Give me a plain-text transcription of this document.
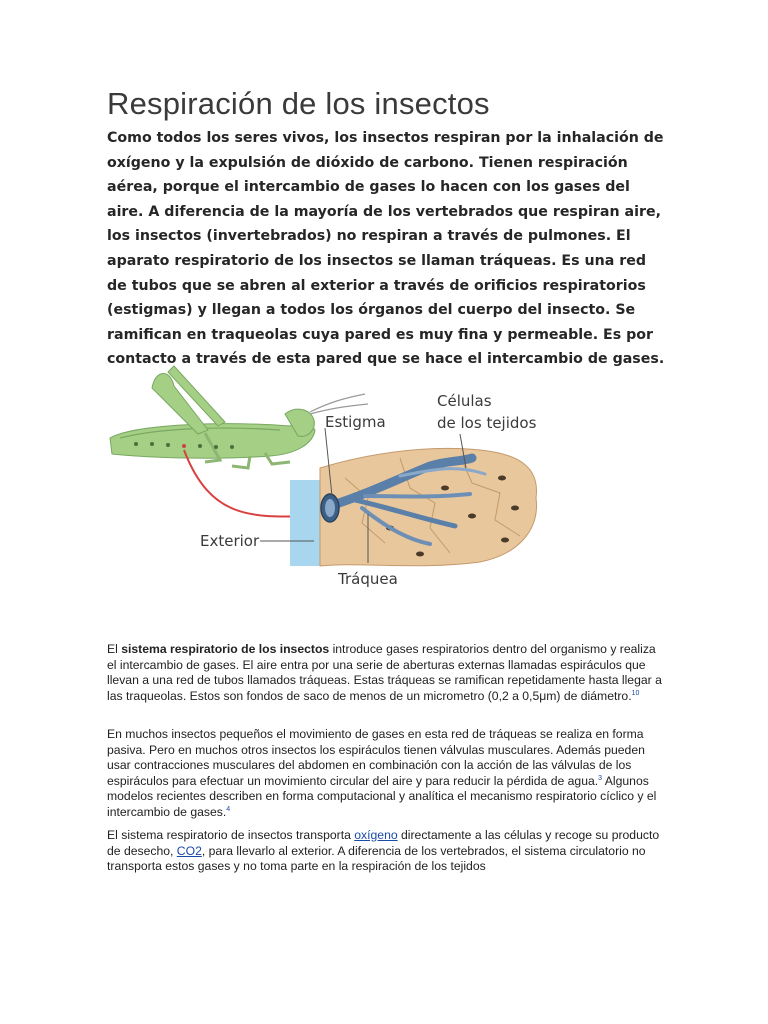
Respiración de los insectos

Como todos los seres vivos, los insectos respiran por la inhalación de oxígeno y la expulsión de dióxido de carbono. Tienen respiración aérea, porque el intercambio de gases lo hacen con los gases del aire. A diferencia de la mayoría de los vertebrados que respiran aire, los insectos (invertebrados) no respiran a través de pulmones. El aparato respiratorio de los insectos se llaman tráqueas. Es una red de tubos que se abren al exterior a través de orificios respiratorios (estigmas) y llegan a todos los órganos del cuerpo del insecto. Se ramifican en traqueolas cuya pared es muy fina y permeable. Es por contacto a través de esta pared que se hace el intercambio de gases.

Estigma
Células
de los tejidos
Exterior
Tráquea

El sistema respiratorio de los insectos introduce gases respiratorios dentro del organismo y realiza el intercambio de gases. El aire entra por una serie de aberturas externas llamadas espiráculos que llevan a una red de tubos llamados tráqueas. Estas tráqueas se ramifican repetidamente hasta llegar a las traqueolas. Estos son fondos de saco de menos de un micrometro (0,2 a 0,5μm) de diámetro.$^{10}$

En muchos insectos pequeños el movimiento de gases en esta red de tráqueas se realiza en forma pasiva. Pero en muchos otros insectos los espiráculos tienen válvulas musculares. Además pueden usar contracciones musculares del abdomen en combinación con la acción de las válvulas de los espiráculos para efectuar un movimiento circular del aire y para reducir la pérdida de agua.$^3$ Algunos modelos recientes describen en forma computacional y analítica el mecanismo respiratorio cíclico y el intercambio de gases.$^4$

El sistema respiratorio de insectos transporta oxígeno directamente a las células y recoge su producto de desecho, CO2, para llevarlo al exterior. A diferencia de los vertebrados, el sistema circulatorio no transporta estos gases y no toma parte en la respiración de los tejidos
